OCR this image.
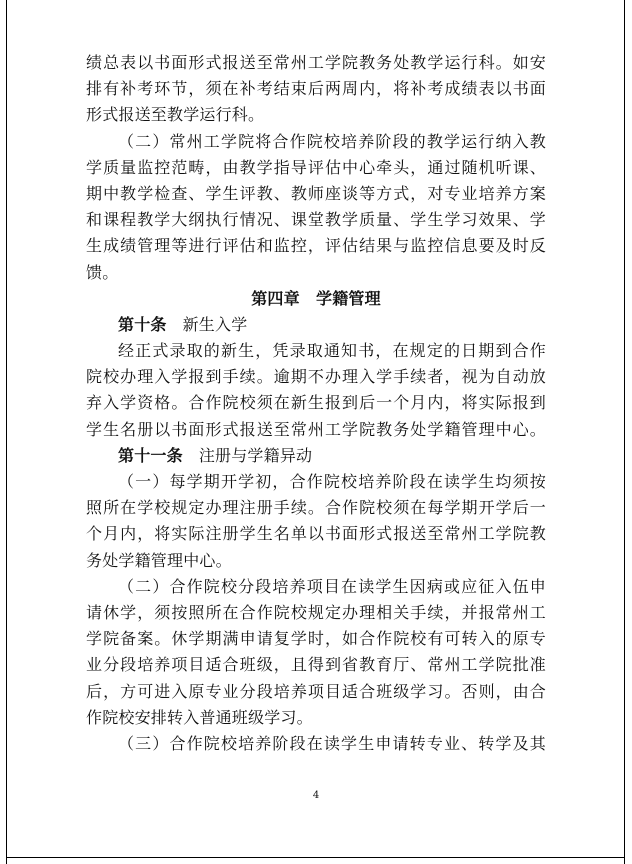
绩总表以书面形式报送至常州工学院教务处教学运行科。如安
排有补考环节，须在补考结束后两周内，将补考成绩表以书面
形式报送至教学运行科。
（二）常州工学院将合作院校培养阶段的教学运行纳入教
学质量监控范畴，由教学指导评估中心牵头，通过随机听课、
期中教学检查、学生评教、教师座谈等方式，对专业培养方案
和课程教学大纲执行情况、课堂教学质量、学生学习效果、学
生成绩管理等进行评估和监控，评估结果与监控信息要及时反
馈。
第四章　学籍管理
第十条 新生入学
经正式录取的新生，凭录取通知书，在规定的日期到合作
院校办理入学报到手续。逾期不办理入学手续者，视为自动放
弃入学资格。合作院校须在新生报到后一个月内，将实际报到
学生名册以书面形式报送至常州工学院教务处学籍管理中心。
第十一条 注册与学籍异动
（一）每学期开学初，合作院校培养阶段在读学生均须按
照所在学校规定办理注册手续。合作院校须在每学期开学后一
个月内，将实际注册学生名单以书面形式报送至常州工学院教
务处学籍管理中心。
（二）合作院校分段培养项目在读学生因病或应征入伍申
请休学，须按照所在合作院校规定办理相关手续，并报常州工
学院备案。休学期满申请复学时，如合作院校有可转入的原专
业分段培养项目适合班级，且得到省教育厅、常州工学院批准
后，方可进入原专业分段培养项目适合班级学习。否则，由合
作院校安排转入普通班级学习。
（三）合作院校培养阶段在读学生申请转专业、转学及其
4
